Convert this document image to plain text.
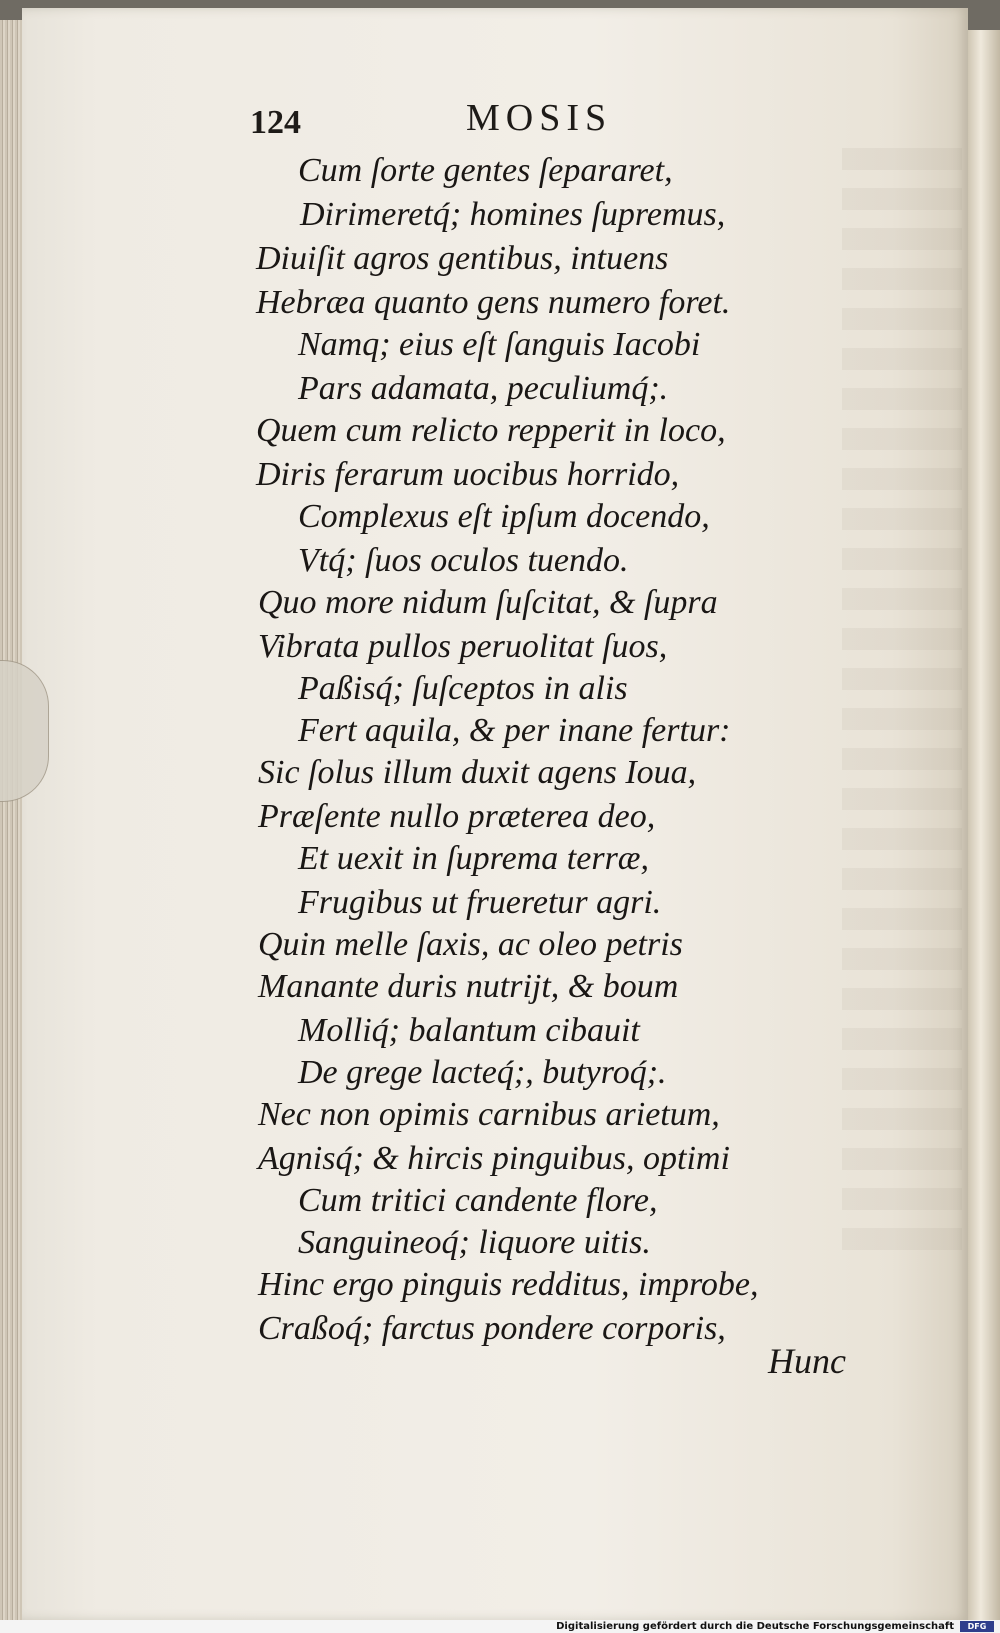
124	MOSIS
Cum ſorte gentes ſepararet,
Dirimeretq́; homines ſupremus,
Diuiſit agros gentibus, intuens
Hebræa quanto gens numero foret.
Namq; eius eſt ſanguis Iacobi
Pars adamata, peculiumq́;.
Quem cum relicto repperit in loco,
Diris ferarum uocibus horrido,
Complexus eſt ipſum docendo,
Vtq́; ſuos oculos tuendo.
Quo more nidum ſuſcitat, & ſupra
Vibrata pullos peruolitat ſuos,
Paßisq́; ſuſceptos in alis
Fert aquila, & per inane fertur:
Sic ſolus illum duxit agens Ioua,
Præſente nullo præterea deo,
Et uexit in ſuprema terræ,
Frugibus ut frueretur agri.
Quin melle ſaxis, ac oleo petris
Manante duris nutrijt, & boum
Molliq́; balantum cibauit
De grege lacteq́;, butyroq́;.
Nec non opimis carnibus arietum,
Agnisq́; & hircis pinguibus, optimi
Cum tritici candente flore,
Sanguineoq́; liquore uitis.
Hinc ergo pinguis redditus, improbe,
Craßoq́; farctus pondere corporis,
Hunc
Digitalisierung gefördert durch die Deutsche Forschungsgemeinschaft	DFG
